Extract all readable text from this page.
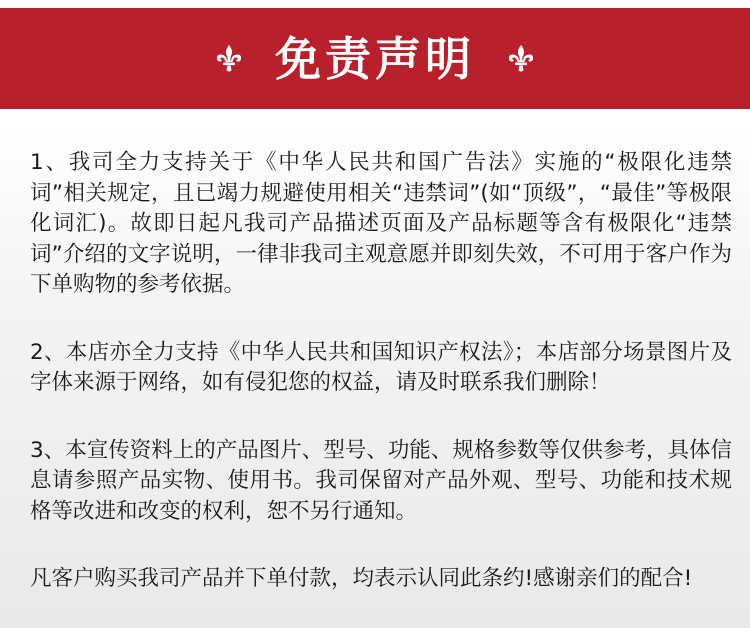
免责声明

1、我司全力支持关于《中华人民共和国广告法》实施的“极限化违禁词”相关规定，且已竭力规避使用相关“违禁词”(如“顶级”，“最佳”等极限化词汇)。故即日起凡我司产品描述页面及产品标题等含有极限化“违禁词”介绍的文字说明，一律非我司主观意愿并即刻失效，不可用于客户作为下单购物的参考依据。

2、本店亦全力支持《中华人民共和国知识产权法》；本店部分场景图片及字体来源于网络，如有侵犯您的权益，请及时联系我们删除！

3、本宣传资料上的产品图片、型号、功能、规格参数等仅供参考，具体信息请参照产品实物、使用书。我司保留对产品外观、型号、功能和技术规格等改进和改变的权利，恕不另行通知。

凡客户购买我司产品并下单付款，均表示认同此条约!感谢亲们的配合!
